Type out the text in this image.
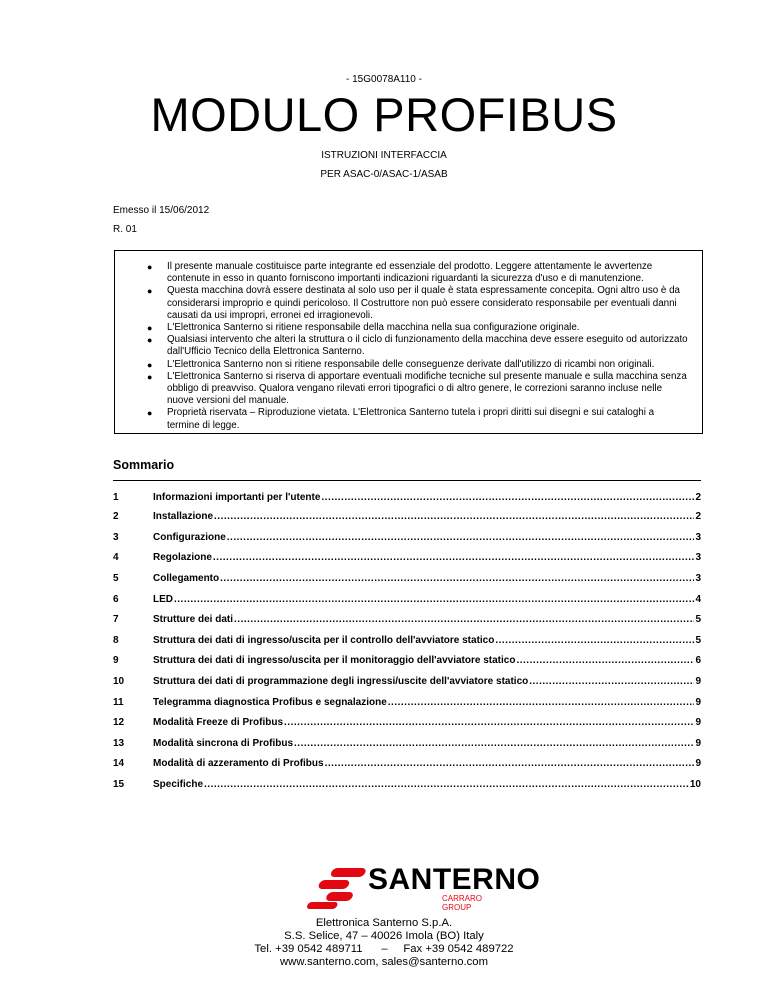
- 15G0078A110 -
MODULO PROFIBUS
ISTRUZIONI INTERFACCIA
PER ASAC-0/ASAC-1/ASAB
Emesso il 15/06/2012
R. 01
● Il presente manuale costituisce parte integrante ed essenziale del prodotto. Leggere attentamente le avvertenze contenute in esso in quanto forniscono importanti indicazioni riguardanti la sicurezza d'uso e di manutenzione.
● Questa macchina dovrà essere destinata al solo uso per il quale è stata espressamente concepita. Ogni altro uso è da considerarsi improprio e quindi pericoloso. Il Costruttore non può essere considerato responsabile per eventuali danni causati da usi impropri, erronei ed irragionevoli.
● L'Elettronica Santerno si ritiene responsabile della macchina nella sua configurazione originale.
● Qualsiasi intervento che alteri la struttura o il ciclo di funzionamento della macchina deve essere eseguito od autorizzato dall'Ufficio Tecnico della Elettronica Santerno.
● L'Elettronica Santerno non si ritiene responsabile delle conseguenze derivate dall'utilizzo di ricambi non originali.
● L'Elettronica Santerno si riserva di apportare eventuali modifiche tecniche sul presente manuale e sulla macchina senza obbligo di preavviso. Qualora vengano rilevati errori tipografici o di altro genere, le correzioni saranno incluse nelle nuove versioni del manuale.
● Proprietà riservata – Riproduzione vietata. L'Elettronica Santerno tutela i propri diritti sui disegni e sui cataloghi a termine di legge.
Sommario
1	Informazioni importanti per l'utente .....	2
2	Installazione .....	2
3	Configurazione .....	3
4	Regolazione .....	3
5	Collegamento .....	3
6	LED .....	4
7	Strutture dei dati .....	5
8	Struttura dei dati di ingresso/uscita per il controllo dell'avviatore statico .....	5
9	Struttura dei dati di ingresso/uscita per il monitoraggio dell'avviatore statico .....	6
10	Struttura dei dati di programmazione degli ingressi/uscite dell'avviatore statico .....	9
11	Telegramma diagnostica Profibus e segnalazione .....	9
12	Modalità Freeze di Profibus .....	9
13	Modalità sincrona di Profibus .....	9
14	Modalità di azzeramento di Profibus .....	9
15	Specifiche .....	10
SANTERNO
CARRARO GROUP
Elettronica Santerno S.p.A.
S.S. Selice, 47 – 40026 Imola (BO) Italy
Tel. +39 0542 489711      –     Fax +39 0542 489722
www.santerno.com, sales@santerno.com
